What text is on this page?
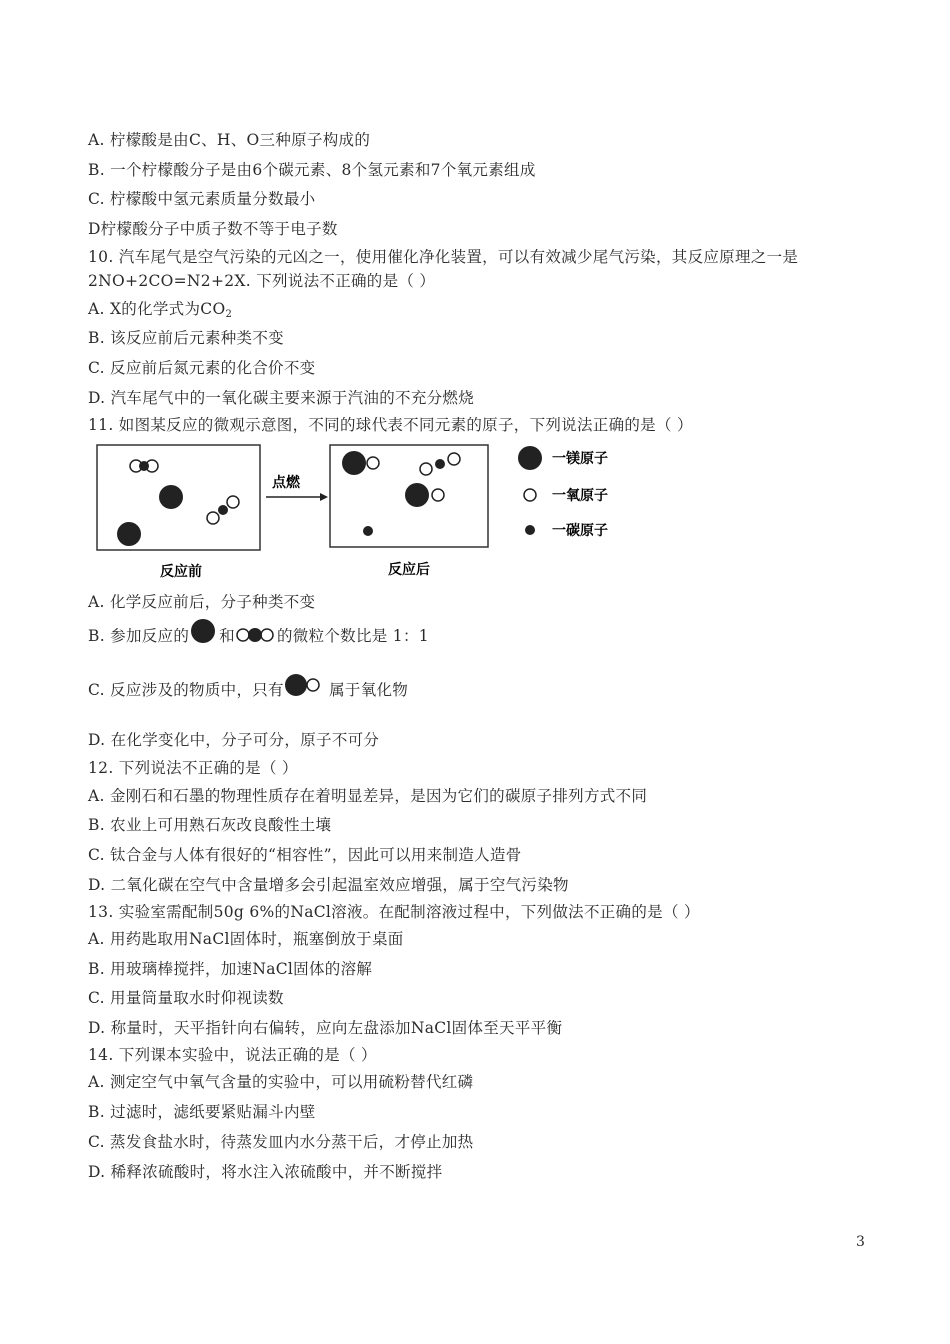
A. 柠檬酸是由C、H、O三种原子构成的
B. 一个柠檬酸分子是由6个碳元素、8个氢元素和7个氧元素组成
C. 柠檬酸中氢元素质量分数最小
D柠檬酸分子中质子数不等于电子数
10. 汽车尾气是空气污染的元凶之一，使用催化净化装置，可以有效减少尾气污染，其反应原理之一是
2NO+2CO=N2+2X. 下列说法不正确的是（ ）
A. X的化学式为$CO_2$
B. 该反应前后元素种类不变
C. 反应前后氮元素的化合价不变
D. 汽车尾气中的一氧化碳主要来源于汽油的不充分燃烧
11. 如图某反应的微观示意图，不同的球代表不同元素的原子，下列说法正确的是（ ）
点燃
一镁原子
一氧原子
一碳原子
反应前	反应后
A. 化学反应前后，分子种类不变
B. 参加反应的 和	的微粒个数比是 1：1
C. 反应涉及的物质中，只有	属于氧化物
D. 在化学变化中，分子可分，原子不可分
12. 下列说法不正确的是（ ）
A. 金刚石和石墨的物理性质存在着明显差异，是因为它们的碳原子排列方式不同
B. 农业上可用熟石灰改良酸性土壤
C. 钛合金与人体有很好的“相容性”，因此可以用来制造人造骨
D. 二氧化碳在空气中含量增多会引起温室效应增强，属于空气污染物
13. 实验室需配制50g 6%的NaCl溶液。在配制溶液过程中，下列做法不正确的是（ ）
A. 用药匙取用NaCl固体时，瓶塞倒放于桌面
B. 用玻璃棒搅拌，加速NaCl固体的溶解
C. 用量筒量取水时仰视读数
D. 称量时，天平指针向右偏转，应向左盘添加NaCl固体至天平平衡
14. 下列课本实验中，说法正确的是（ ）
A. 测定空气中氧气含量的实验中，可以用硫粉替代红磷
B. 过滤时，滤纸要紧贴漏斗内壁
C. 蒸发食盐水时，待蒸发皿内水分蒸干后，才停止加热
D. 稀释浓硫酸时，将水注入浓硫酸中，并不断搅拌
3
